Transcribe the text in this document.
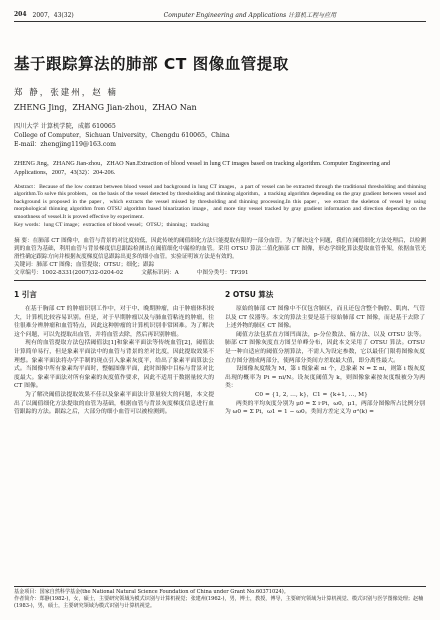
204 2007，43(32)	Computer Engineering and Applications 计算机工程与应用
基于跟踪算法的肺部 CT 图像血管提取
郑 静，张建州，赵 楠
ZHENG Jing，ZHANG Jian-zhou，ZHAO Nan
四川大学 计算机学院，成都 610065
College of Computer，Sichuan University，Chengdu 610065，China
E-mail：zhengjing119@163.com
ZHENG Jing，ZHANG Jian-zhou，ZHAO Nan.Extraction of blood vessel in lung CT images based on tracking algorithm. Computer Engineering and Applications，2007，43(32)：204-206.
Abstract：Because of the low contrast between blood vessel and background in lung CT images，a part of vessel can be extracted through the traditional thresholding and thinning algorithm.To solve this problem，on the basis of the vessel detected by thresholding and thinning algorithm，a tracking algorithm depending on the gray gradient between vessel and background is proposed in the paper，which extracts the vessel missed by thresholding and thinning processing.In this paper，we extract the skeleton of vessel by using morphological thinning algorithm from OTSU algorithm based binarization image，and more tiny vessel tracked by gray gradient information and direction depending on the smoothness of vessel.It is proved effective by experiment.
Key words：lung CT image；extraction of blood vessel；OTSU；thinning；tracking
摘 要：在肺部 CT 图像中，血管与背景的对比度较低，因此传统的阈值细化方法只能提取有限的一部分血管。为了解决这个问题，我们在阈值细化方法处理后，以检测到的血管为基础，利用血管与背景梯度信息跟踪检测出在阈值细化中漏检的血管。采用 OTSU 算法二值化肺部 CT 图像，形态学细化算法提取血管骨架，依据血管光滑性确定跟踪方向并根据灰度梯度信息跟踪出更多的细小血管。实验证明该方法是有效的。
关键词：肺部 CT 图像；血管提取；OTSU；细化；跟踪
文章编号：1002-8331(2007)32-0204-02	文献标识码：A	中图分类号：TP391
1 引言

在基于胸部 CT 的肿瘤识别工作中，对于中、晚期肿瘤，由于肿瘤体积较大，计算机比较容易识别。但是，对于早期肿瘤以及与肺血管粘连的肿瘤，往往很难分辨肿瘤和血管特点，因此这种肿瘤的计算机识别非常困难。为了解决这个问题，可以先提取出血管，并将血管去除，然后再识别肿瘤。

现有的血管提取方法包括阈值法[1]和象素平面法等传统血管[2]，阈值法计算简单易行，但是象素平面法中的血管与背景的差对比度，因此提取效果不理想。象素平面法将办学手制的现点引入象素灰度平，给出了象素平面算法公式。当图像中所有象素均平面时，整幅图像平面，此时图像中目标与背景对比度最大。象素平面法对所有象素的灰度值作要求，因此不适用于数据量较大的 CT 图像。

为了解决阈值法提取效果不佳以及象素平面法计算量较大的问题，本文提出了以阈值细化方法提取的血管为基础，根据血管与背景灰度梯度信息进行血管跟踪的方法。跟踪之后，大部分的细小血管可以被检测到。

2 OTSU 算法

原始的肺部 CT 图像中不仅包含肺区，而且还包含整个胸腔、肌肉、气管以及 CT 仪器等。本文的算法主要是基于原始肺部 CT 图像，而是基于去除了上述外物的肺区 CT 图像。

阈值方法包括直方图凹面法，p-分位数法、熵方法、以及 OTSU 法等。肺部 CT 图像灰度直方图呈单峰分布，因此本文采用了 OTSU 算法。OTSU 是一种自适应的阈值分割算法，不需人为设定参数，它以最佳门限将图像灰度直方图分割成两部分，使两部分类间方差取最大值，即分离性最大。

设图像灰度级为 M，第 i 级象素 ni 个，总象素 N = Σ ni，则第 i 级灰度出现的概率为 Pi = ni/N。设灰度阈值为 k，则图像象素按灰度级被分为两类：

C0 = {1, 2, …, k}，C1 = {k+1, …, M}

两类的平均灰度分别为 μ0 = Σ i·Pi，ω0，μ1，两部分图像所占比例分别为 ω0 = Σ Pi，ω1 = 1 − ω0。类间方差定义为 σ²(k) =

基金项目：国家自然科学基金(the National Natural Science Foundation of China under Grant No.60371024)。
作者简介：郑静(1982-)，女，硕士，主要研究领域为模式识别与计算机视觉；张建州(1962-)，男，博士，教授，博导，主要研究领域为计算机视觉、模式识别与医学图像处理；赵楠(1983-)，男，硕士，主要研究领域为模式识别与计算机视觉。
